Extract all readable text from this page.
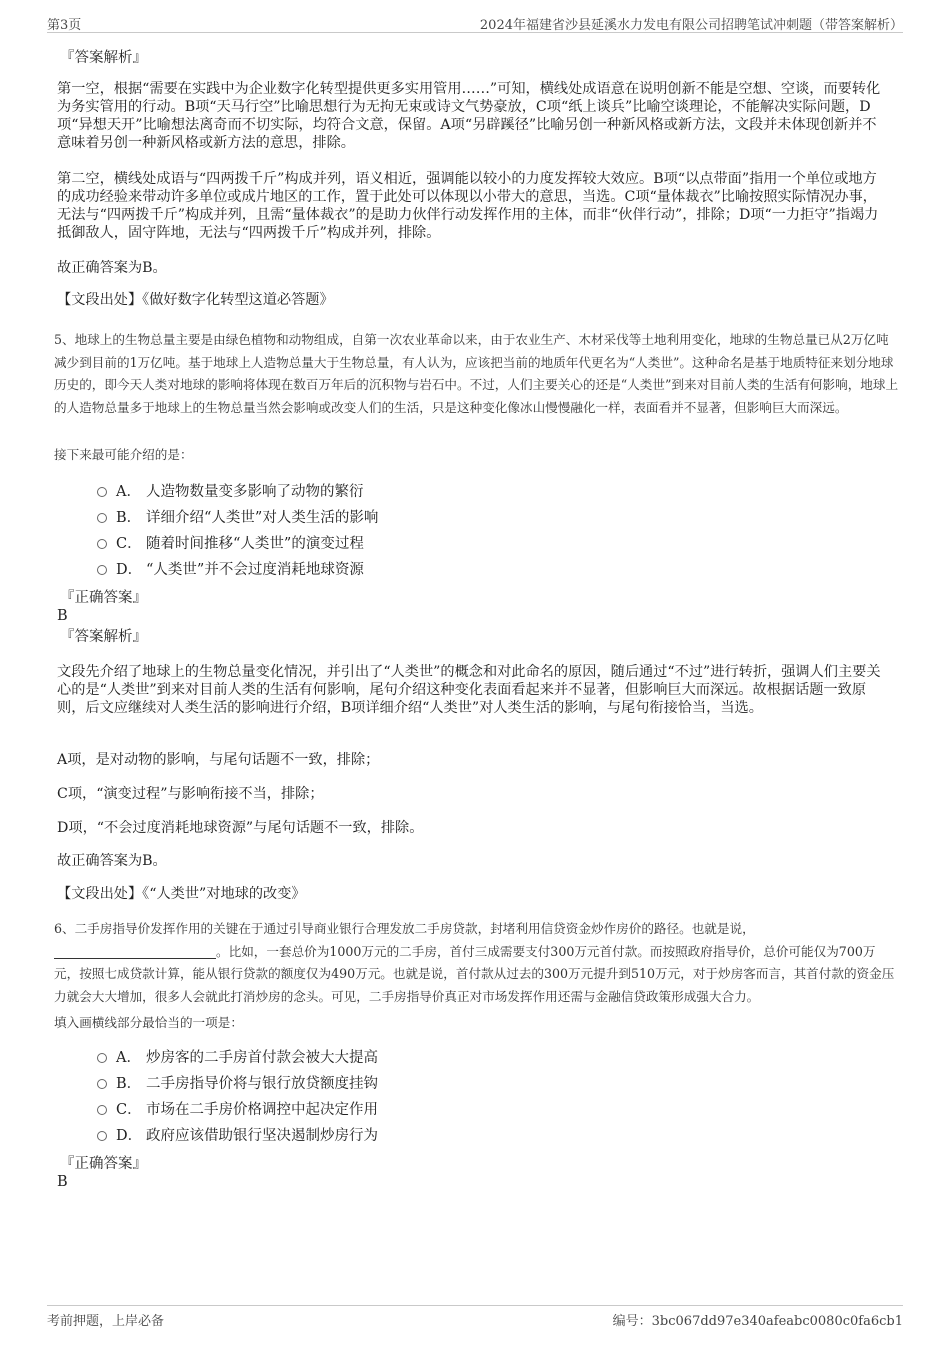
第3页	2024年福建省沙县延溪水力发电有限公司招聘笔试冲刺题（带答案解析）
『答案解析』
第一空，根据“需要在实践中为企业数字化转型提供更多实用管用……”可知，横线处成语意在说明创新不能是空想、空谈，而要转化为务实管用的行动。B项“天马行空”比喻思想行为无拘无束或诗文气势豪放，C项“纸上谈兵”比喻空谈理论，不能解决实际问题，D项“异想天开”比喻想法离奇而不切实际，均符合文意，保留。A项“另辟蹊径”比喻另创一种新风格或新方法，文段并未体现创新并不意味着另创一种新风格或新方法的意思，排除。
第二空，横线处成语与“四两拨千斤”构成并列，语义相近，强调能以较小的力度发挥较大效应。B项“以点带面”指用一个单位或地方的成功经验来带动许多单位或成片地区的工作，置于此处可以体现以小带大的意思，当选。C项“量体裁衣”比喻按照实际情况办事，无法与“四两拨千斤”构成并列，且需“量体裁衣”的是助力伙伴行动发挥作用的主体，而非“伙伴行动”，排除；D项“一力拒守”指竭力抵御敌人，固守阵地，无法与“四两拨千斤”构成并列，排除。
故正确答案为B。
【文段出处】《做好数字化转型这道必答题》
5、地球上的生物总量主要是由绿色植物和动物组成，自第一次农业革命以来，由于农业生产、木材采伐等土地利用变化，地球的生物总量已从2万亿吨减少到目前的1万亿吨。基于地球上人造物总量大于生物总量，有人认为，应该把当前的地质年代更名为“人类世”。这种命名是基于地质特征来划分地球历史的，即今天人类对地球的影响将体现在数百万年后的沉积物与岩石中。不过，人们主要关心的还是“人类世”到来对目前人类的生活有何影响，地球上的人造物总量多于地球上的生物总量当然会影响或改变人们的生活，只是这种变化像冰山慢慢融化一样，表面看并不显著，但影响巨大而深远。
接下来最可能介绍的是：
A． 人造物数量变多影响了动物的繁衍
B． 详细介绍“人类世”对人类生活的影响
C． 随着时间推移“人类世”的演变过程
D． “人类世”并不会过度消耗地球资源
『正确答案』
B
『答案解析』
文段先介绍了地球上的生物总量变化情况，并引出了“人类世”的概念和对此命名的原因，随后通过“不过”进行转折，强调人们主要关心的是“人类世”到来对目前人类的生活有何影响，尾句介绍这种变化表面看起来并不显著，但影响巨大而深远。故根据话题一致原则，后文应继续对人类生活的影响进行介绍，B项详细介绍“人类世”对人类生活的影响，与尾句衔接恰当，当选。
A项，是对动物的影响，与尾句话题不一致，排除；
C项，“演变过程”与影响衔接不当，排除；
D项，“不会过度消耗地球资源”与尾句话题不一致，排除。
故正确答案为B。
【文段出处】《“人类世”对地球的改变》
6、二手房指导价发挥作用的关键在于通过引导商业银行合理发放二手房贷款，封堵利用信贷资金炒作房价的路径。也就是说，
。比如，一套总价为1000万元的二手房，首付三成需要支付300万元首付款。而按照政府指导价，总价可能仅为700万元，按照七成贷款计算，能从银行贷款的额度仅为490万元。也就是说，首付款从过去的300万元提升到510万元，对于炒房客而言，其首付款的资金压力就会大大增加，很多人会就此打消炒房的念头。可见，二手房指导价真正对市场发挥作用还需与金融信贷政策形成强大合力。
填入画横线部分最恰当的一项是：
A． 炒房客的二手房首付款会被大大提高
B． 二手房指导价将与银行放贷额度挂钩
C． 市场在二手房价格调控中起决定作用
D． 政府应该借助银行坚决遏制炒房行为
『正确答案』
B
考前押题，上岸必备	编号：3bc067dd97e340afeabc0080c0fa6cb1
